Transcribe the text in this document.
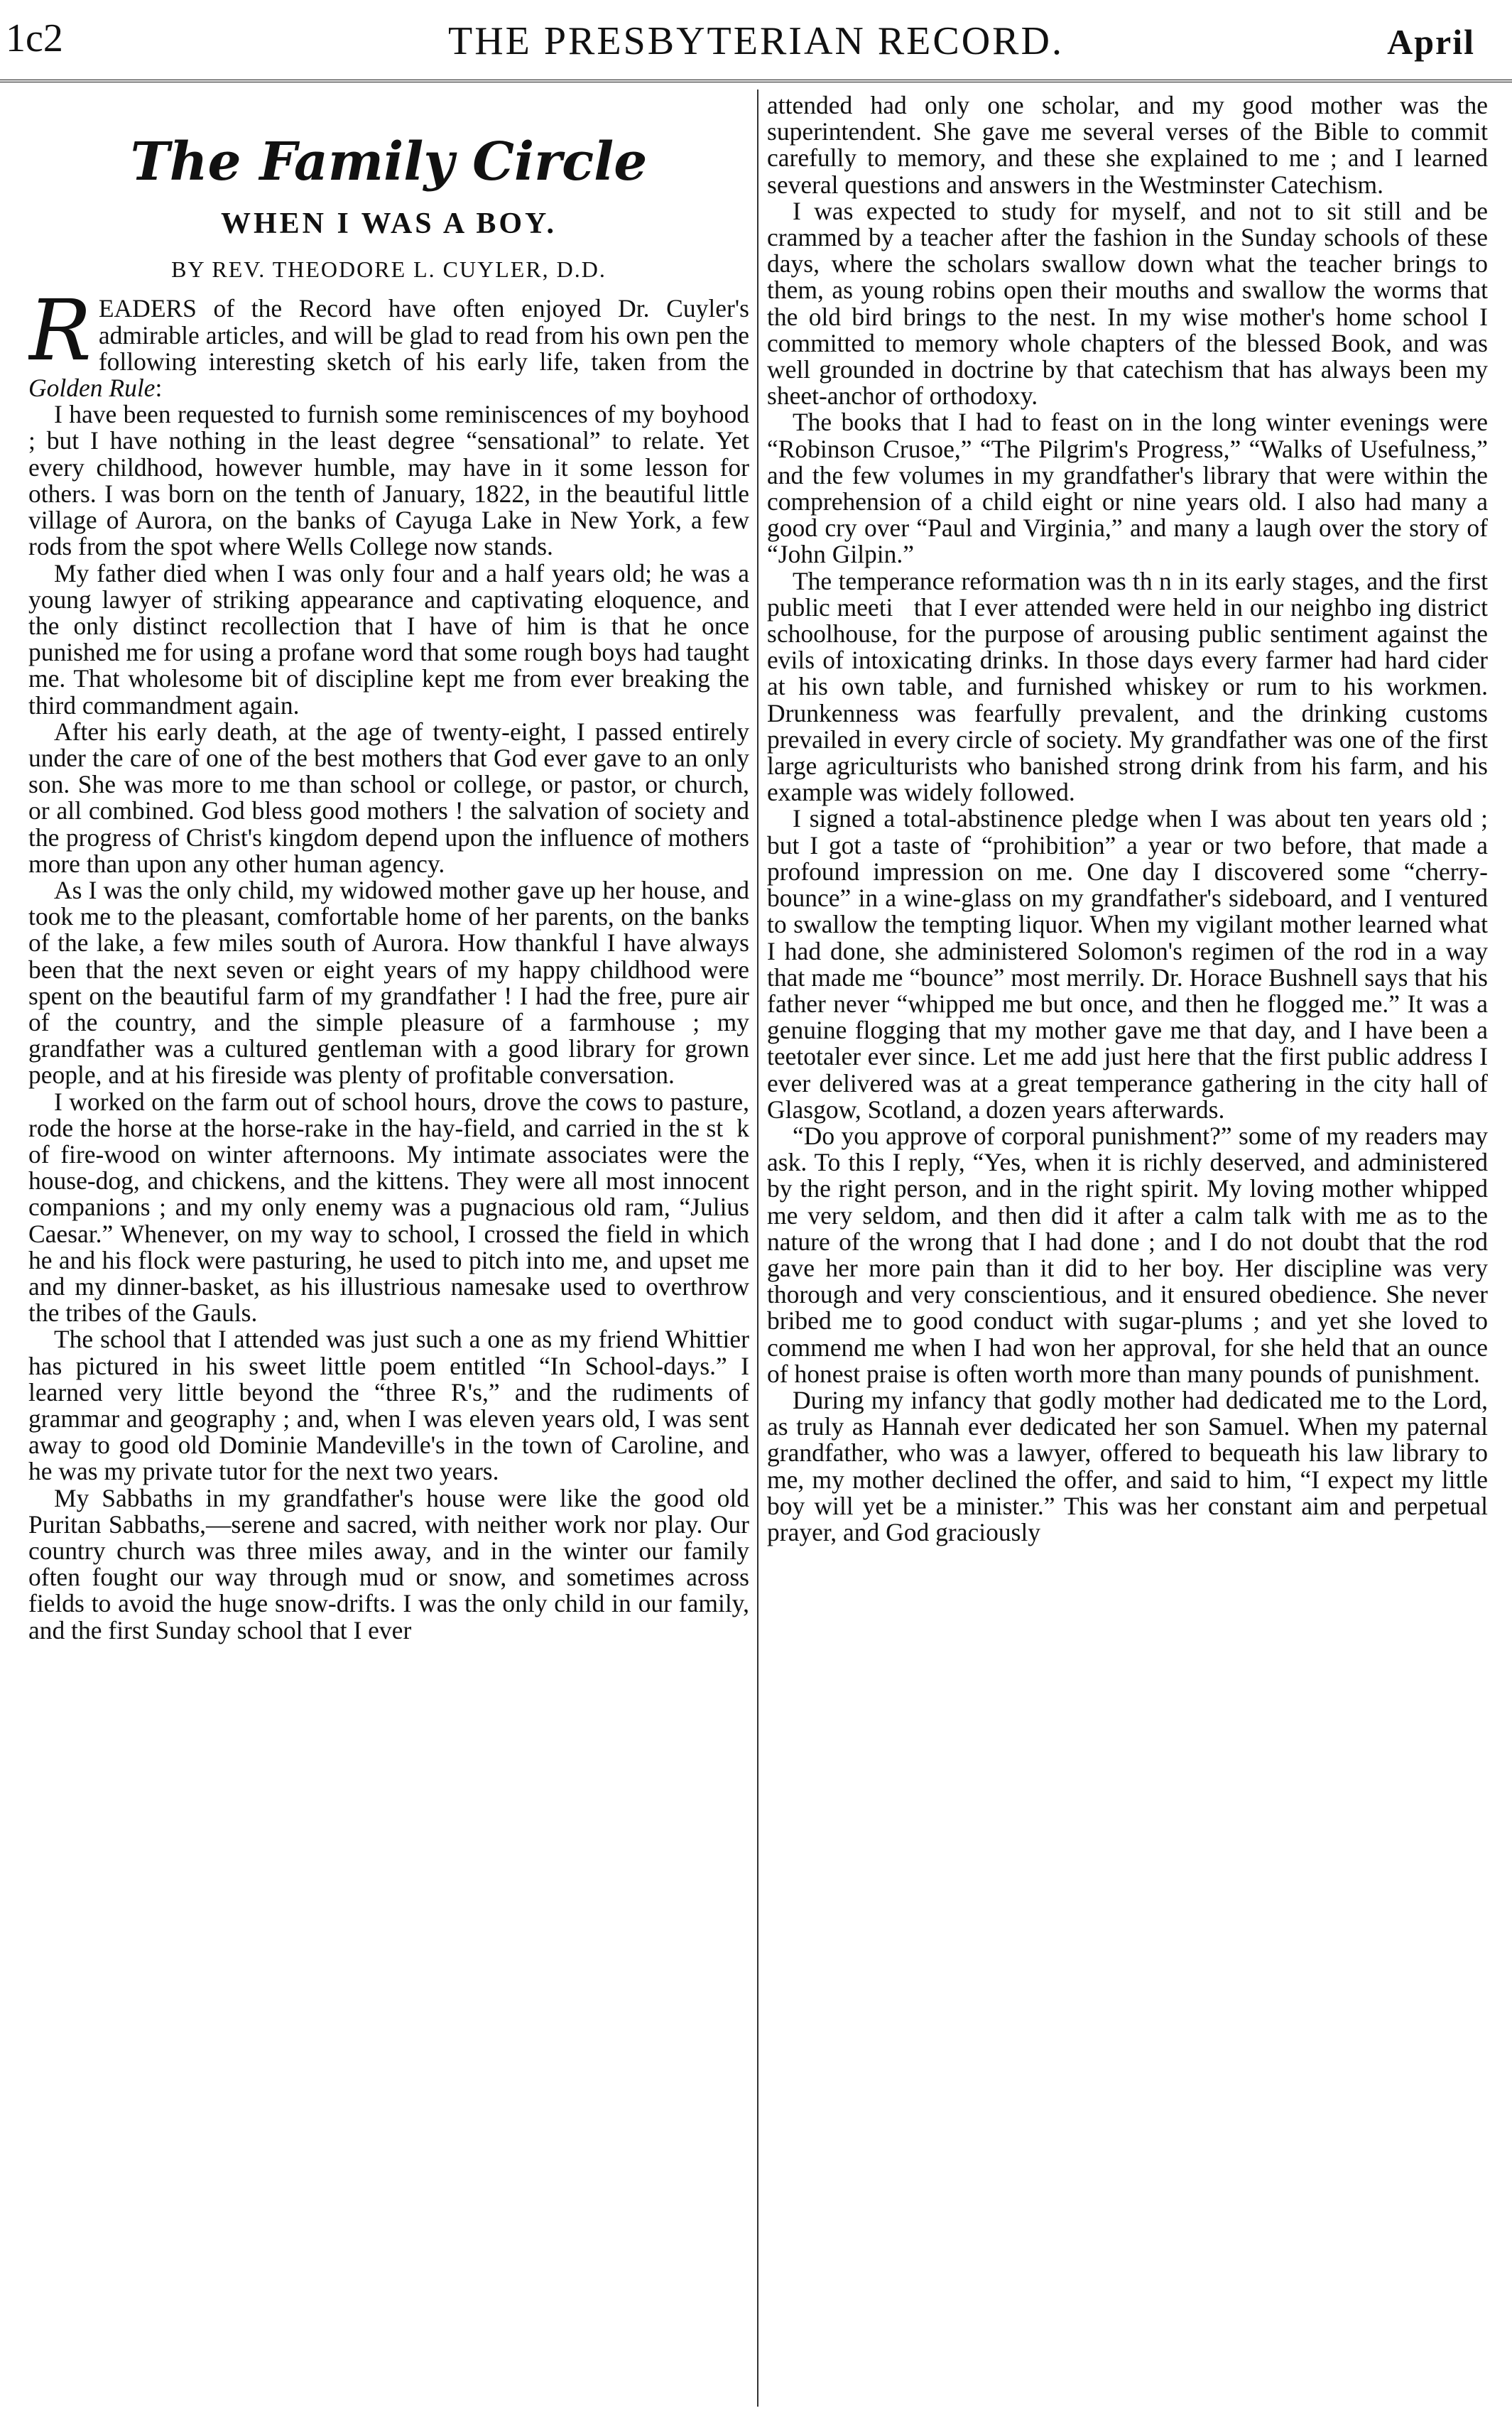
1c2	THE PRESBYTERIAN RECORD.	April
The Family Circle
WHEN I WAS A BOY.
BY REV. THEODORE L. CUYLER, D.D.

READERS of the Record have often enjoyed Dr. Cuyler's admirable articles, and will be glad to read from his own pen the following interesting sketch of his early life, taken from the Golden Rule:

I have been requested to furnish some reminiscences of my boyhood ; but I have nothing in the least degree “sensational” to relate. Yet every childhood, however humble, may have in it some lesson for others. I was born on the tenth of January, 1822, in the beautiful little village of Aurora, on the banks of Cayuga Lake in New York, a few rods from the spot where Wells College now stands.

My father died when I was only four and a half years old; he was a young lawyer of striking appearance and captivating eloquence, and the only distinct recollection that I have of him is that he once punished me for using a profane word that some rough boys had taught me. That wholesome bit of discipline kept me from ever breaking the third commandment again.

After his early death, at the age of twenty-eight, I passed entirely under the care of one of the best mothers that God ever gave to an only son. She was more to me than school or college, or pastor, or church, or all combined. God bless good mothers ! the salvation of society and the progress of Christ's kingdom depend upon the influence of mothers more than upon any other human agency.

As I was the only child, my widowed mother gave up her house, and took me to the pleasant, comfortable home of her parents, on the banks of the lake, a few miles south of Aurora. How thankful I have always been that the next seven or eight years of my happy childhood were spent on the beautiful farm of my grandfather ! I had the free, pure air of the country, and the simple pleasure of a farmhouse ; my grandfather was a cultured gentleman with a good library for grown people, and at his fireside was plenty of profitable conversation.

I worked on the farm out of school hours, drove the cows to pasture, rode the horse at the horse-rake in the hay-field, and carried in the st  k of fire-wood on winter afternoons. My intimate associates were the house-dog, and chickens, and the kittens. They were all most innocent companions ; and my only enemy was a pugnacious old ram, “Julius Caesar.” Whenever, on my way to school, I crossed the field in which he and his flock were pasturing, he used to pitch into me, and upset me and my dinner-basket, as his illustrious namesake used to overthrow the tribes of the Gauls.

The school that I attended was just such a one as my friend Whittier has pictured in his sweet little poem entitled “In School-days.” I learned very little beyond the “three R's,” and the rudiments of grammar and geography ; and, when I was eleven years old, I was sent away to good old Dominie Mandeville's in the town of Caroline, and he was my private tutor for the next two years.

My Sabbaths in my grandfather's house were like the good old Puritan Sabbaths,—serene and sacred, with neither work nor play. Our country church was three miles away, and in the winter our family often fought our way through mud or snow, and sometimes across fields to avoid the huge snow-drifts. I was the only child in our family, and the first Sunday school that I ever

attended had only one scholar, and my good mother was the superintendent. She gave me several verses of the Bible to commit carefully to memory, and these she explained to me ; and I learned several questions and answers in the Westminster Catechism.

I was expected to study for myself, and not to sit still and be crammed by a teacher after the fashion in the Sunday schools of these days, where the scholars swallow down what the teacher brings to them, as young robins open their mouths and swallow the worms that the old bird brings to the nest. In my wise mother's home school I committed to memory whole chapters of the blessed Book, and was well grounded in doctrine by that catechism that has always been my sheet-anchor of orthodoxy.

The books that I had to feast on in the long winter evenings were “Robinson Crusoe,” “The Pilgrim's Progress,” “Walks of Usefulness,” and the few volumes in my grandfather's library that were within the comprehension of a child eight or nine years old. I also had many a good cry over “Paul and Virginia,” and many a laugh over the story of “John Gilpin.”

The temperance reformation was th n in its early stages, and the first public meeti   that I ever attended were held in our neighbo ing district schoolhouse, for the purpose of arousing public sentiment against the evils of intoxicating drinks. In those days every farmer had hard cider at his own table, and furnished whiskey or rum to his workmen. Drunkenness was fearfully prevalent, and the drinking customs prevailed in every circle of society. My grandfather was one of the first large agriculturists who banished strong drink from his farm, and his example was widely followed.

I signed a total-abstinence pledge when I was about ten years old ; but I got a taste of “prohibition” a year or two before, that made a profound impression on me. One day I discovered some “cherry-bounce” in a wine-glass on my grandfather's sideboard, and I ventured to swallow the tempting liquor. When my vigilant mother learned what I had done, she administered Solomon's regimen of the rod in a way that made me “bounce” most merrily. Dr. Horace Bushnell says that his father never “whipped me but once, and then he flogged me.” It was a genuine flogging that my mother gave me that day, and I have been a teetotaler ever since. Let me add just here that the first public address I ever delivered was at a great temperance gathering in the city hall of Glasgow, Scotland, a dozen years afterwards.

“Do you approve of corporal punishment?” some of my readers may ask. To this I reply, “Yes, when it is richly deserved, and administered by the right person, and in the right spirit. My loving mother whipped me very seldom, and then did it after a calm talk with me as to the nature of the wrong that I had done ; and I do not doubt that the rod gave her more pain than it did to her boy. Her discipline was very thorough and very conscientious, and it ensured obedience. She never bribed me to good conduct with sugar-plums ; and yet she loved to commend me when I had won her approval, for she held that an ounce of honest praise is often worth more than many pounds of punishment.

During my infancy that godly mother had dedicated me to the Lord, as truly as Hannah ever dedicated her son Samuel. When my paternal grandfather, who was a lawyer, offered to bequeath his law library to me, my mother declined the offer, and said to him, “I expect my little boy will yet be a minister.” This was her constant aim and perpetual prayer, and God graciously
